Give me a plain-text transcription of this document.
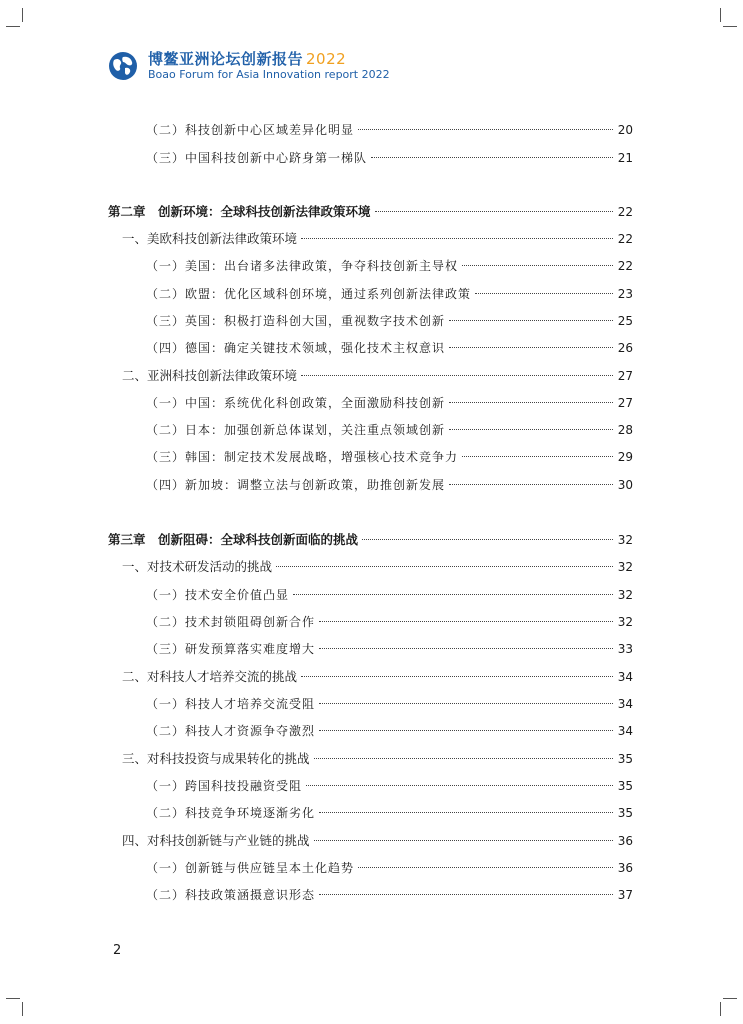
博鳌亚洲论坛创新报告 2022
Boao Forum for Asia Innovation report 2022
（二）科技创新中心区域差异化明显	20
（三）中国科技创新中心跻身第一梯队	21
第二章　创新环境：全球科技创新法律政策环境	22
一、美欧科技创新法律政策环境	22
（一）美国：出台诸多法律政策，争夺科技创新主导权	22
（二）欧盟：优化区域科创环境，通过系列创新法律政策	23
（三）英国：积极打造科创大国，重视数字技术创新	25
（四）德国：确定关键技术领域，强化技术主权意识	26
二、亚洲科技创新法律政策环境	27
（一）中国：系统优化科创政策，全面激励科技创新	27
（二）日本：加强创新总体谋划，关注重点领域创新	28
（三）韩国：制定技术发展战略，增强核心技术竞争力	29
（四）新加坡：调整立法与创新政策，助推创新发展	30
第三章　创新阻碍：全球科技创新面临的挑战	32
一、对技术研发活动的挑战	32
（一）技术安全价值凸显	32
（二）技术封锁阻碍创新合作	32
（三）研发预算落实难度增大	33
二、对科技人才培养交流的挑战	34
（一）科技人才培养交流受阻	34
（二）科技人才资源争夺激烈	34
三、对科技投资与成果转化的挑战	35
（一）跨国科技投融资受阻	35
（二）科技竞争环境逐渐劣化	35
四、对科技创新链与产业链的挑战	36
（一）创新链与供应链呈本土化趋势	36
（二）科技政策涵摄意识形态	37
2
